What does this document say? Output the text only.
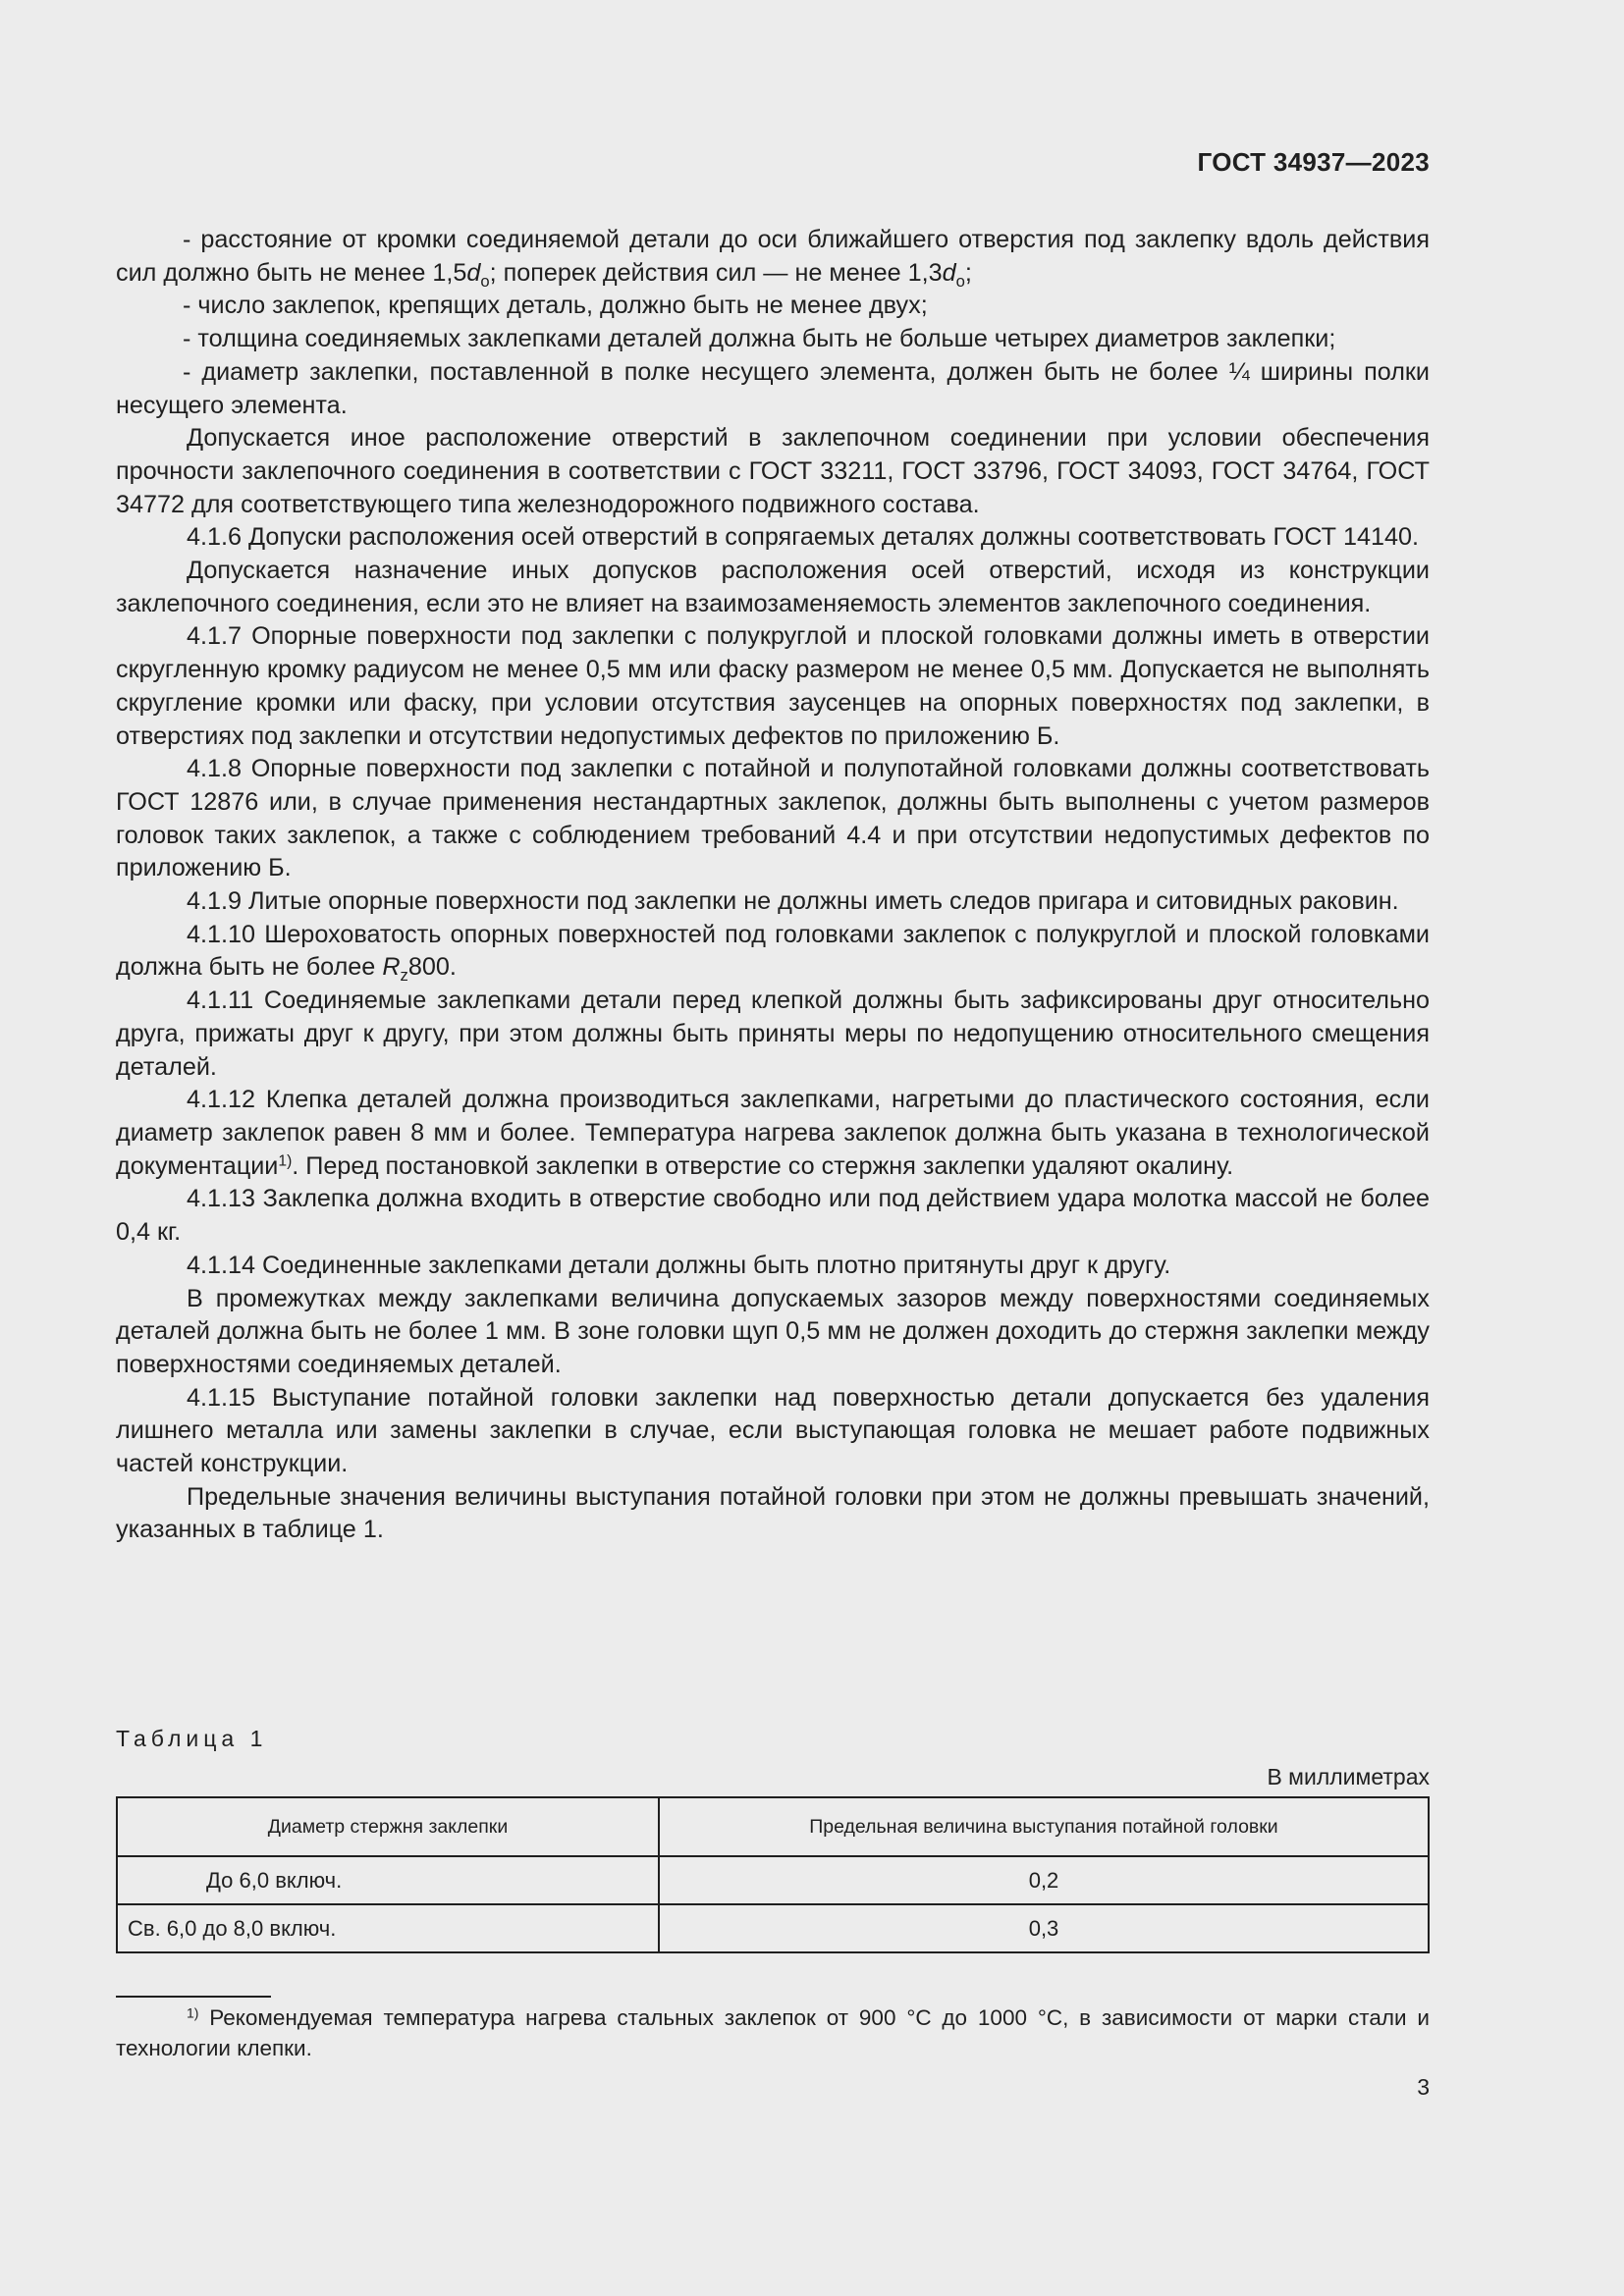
ГОСТ 34937—2023

- расстояние от кромки соединяемой детали до оси ближайшего отверстия под заклепку вдоль действия сил должно быть не менее $1,5d_o$; поперек действия сил — не менее $1,3d_o$;

- число заклепок, крепящих деталь, должно быть не менее двух;

- толщина соединяемых заклепками деталей должна быть не больше четырех диаметров заклепки;

- диаметр заклепки, поставленной в полке несущего элемента, должен быть не более ¼ ширины полки несущего элемента.

Допускается иное расположение отверстий в заклепочном соединении при условии обеспечения прочности заклепочного соединения в соответствии с ГОСТ 33211, ГОСТ 33796, ГОСТ 34093, ГОСТ 34764, ГОСТ 34772 для соответствующего типа железнодорожного подвижного состава.

4.1.6 Допуски расположения осей отверстий в сопрягаемых деталях должны соответствовать ГОСТ 14140.

Допускается назначение иных допусков расположения осей отверстий, исходя из конструкции заклепочного соединения, если это не влияет на взаимозаменяемость элементов заклепочного соединения.

4.1.7 Опорные поверхности под заклепки с полукруглой и плоской головками должны иметь в отверстии скругленную кромку радиусом не менее 0,5 мм или фаску размером не менее 0,5 мм. Допускается не выполнять скругление кромки или фаску, при условии отсутствия заусенцев на опорных поверхностях под заклепки, в отверстиях под заклепки и отсутствии недопустимых дефектов по приложению Б.

4.1.8 Опорные поверхности под заклепки с потайной и полупотайной головками должны соответствовать ГОСТ 12876 или, в случае применения нестандартных заклепок, должны быть выполнены с учетом размеров головок таких заклепок, а также с соблюдением требований 4.4 и при отсутствии недопустимых дефектов по приложению Б.

4.1.9 Литые опорные поверхности под заклепки не должны иметь следов пригара и ситовидных раковин.

4.1.10 Шероховатость опорных поверхностей под головками заклепок с полукруглой и плоской головками должна быть не более $R_z800$.

4.1.11 Соединяемые заклепками детали перед клепкой должны быть зафиксированы друг относительно друга, прижаты друг к другу, при этом должны быть приняты меры по недопущению относительного смещения деталей.

4.1.12 Клепка деталей должна производиться заклепками, нагретыми до пластического состояния, если диаметр заклепок равен 8 мм и более. Температура нагрева заклепок должна быть указана в технологической документации$^{1)}$. Перед постановкой заклепки в отверстие со стержня заклепки удаляют окалину.

4.1.13 Заклепка должна входить в отверстие свободно или под действием удара молотка массой не более 0,4 кг.

4.1.14 Соединенные заклепками детали должны быть плотно притянуты друг к другу.

В промежутках между заклепками величина допускаемых зазоров между поверхностями соединяемых деталей должна быть не более 1 мм. В зоне головки щуп 0,5 мм не должен доходить до стержня заклепки между поверхностями соединяемых деталей.

4.1.15 Выступание потайной головки заклепки над поверхностью детали допускается без удаления лишнего металла или замены заклепки в случае, если выступающая головка не мешает работе подвижных частей конструкции.

Предельные значения величины выступания потайной головки при этом не должны превышать значений, указанных в таблице 1.

Таблица 1
В миллиметрах
Диаметр стержня заклепки	Предельная величина выступания потайной головки
До 6,0 включ.	0,2
Св. 6,0 до 8,0 включ.	0,3
$^{1)}$ Рекомендуемая температура нагрева стальных заклепок от 900 °С до 1000 °С, в зависимости от марки стали и технологии клепки.
3
